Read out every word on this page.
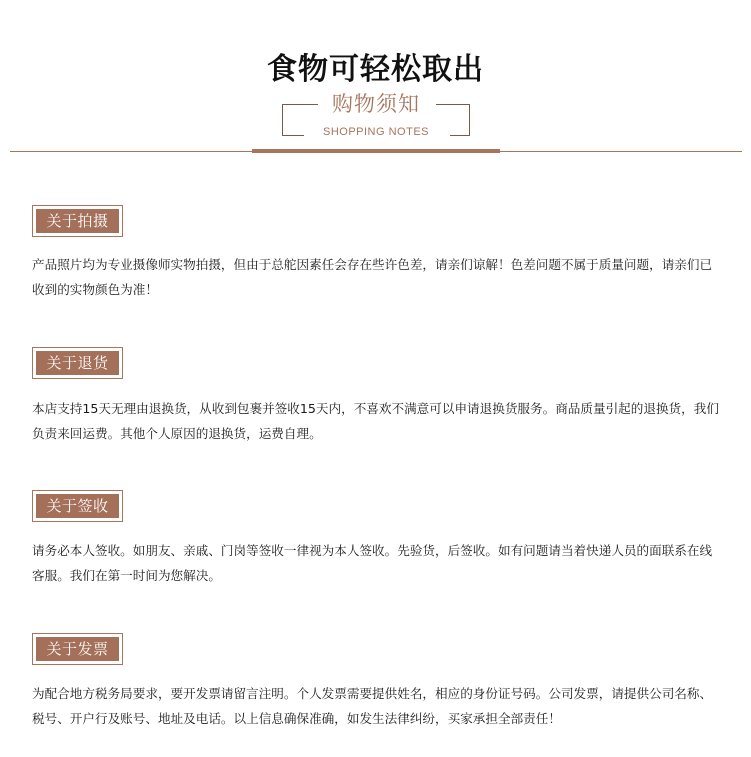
食物可轻松取出
购物须知
SHOPPING NOTES
关于拍摄
产品照片均为专业摄像师实物拍摄，但由于总舵因素任会存在些许色差，请亲们谅解！色差问题不属于质量问题，请亲们已收到的实物颜色为准！
关于退货
本店支持15天无理由退换货，从收到包裹并签收15天内，不喜欢不满意可以申请退换货服务。商品质量引起的退换货，我们负责来回运费。其他个人原因的退换货，运费自理。
关于签收
请务必本人签收。如朋友、亲戚、门岗等签收一律视为本人签收。先验货，后签收。如有问题请当着快递人员的面联系在线客服。我们在第一时间为您解决。
关于发票
为配合地方税务局要求，要开发票请留言注明。个人发票需要提供姓名，相应的身份证号码。公司发票，请提供公司名称、税号、开户行及账号、地址及电话。以上信息确保准确，如发生法律纠纷，买家承担全部责任！
